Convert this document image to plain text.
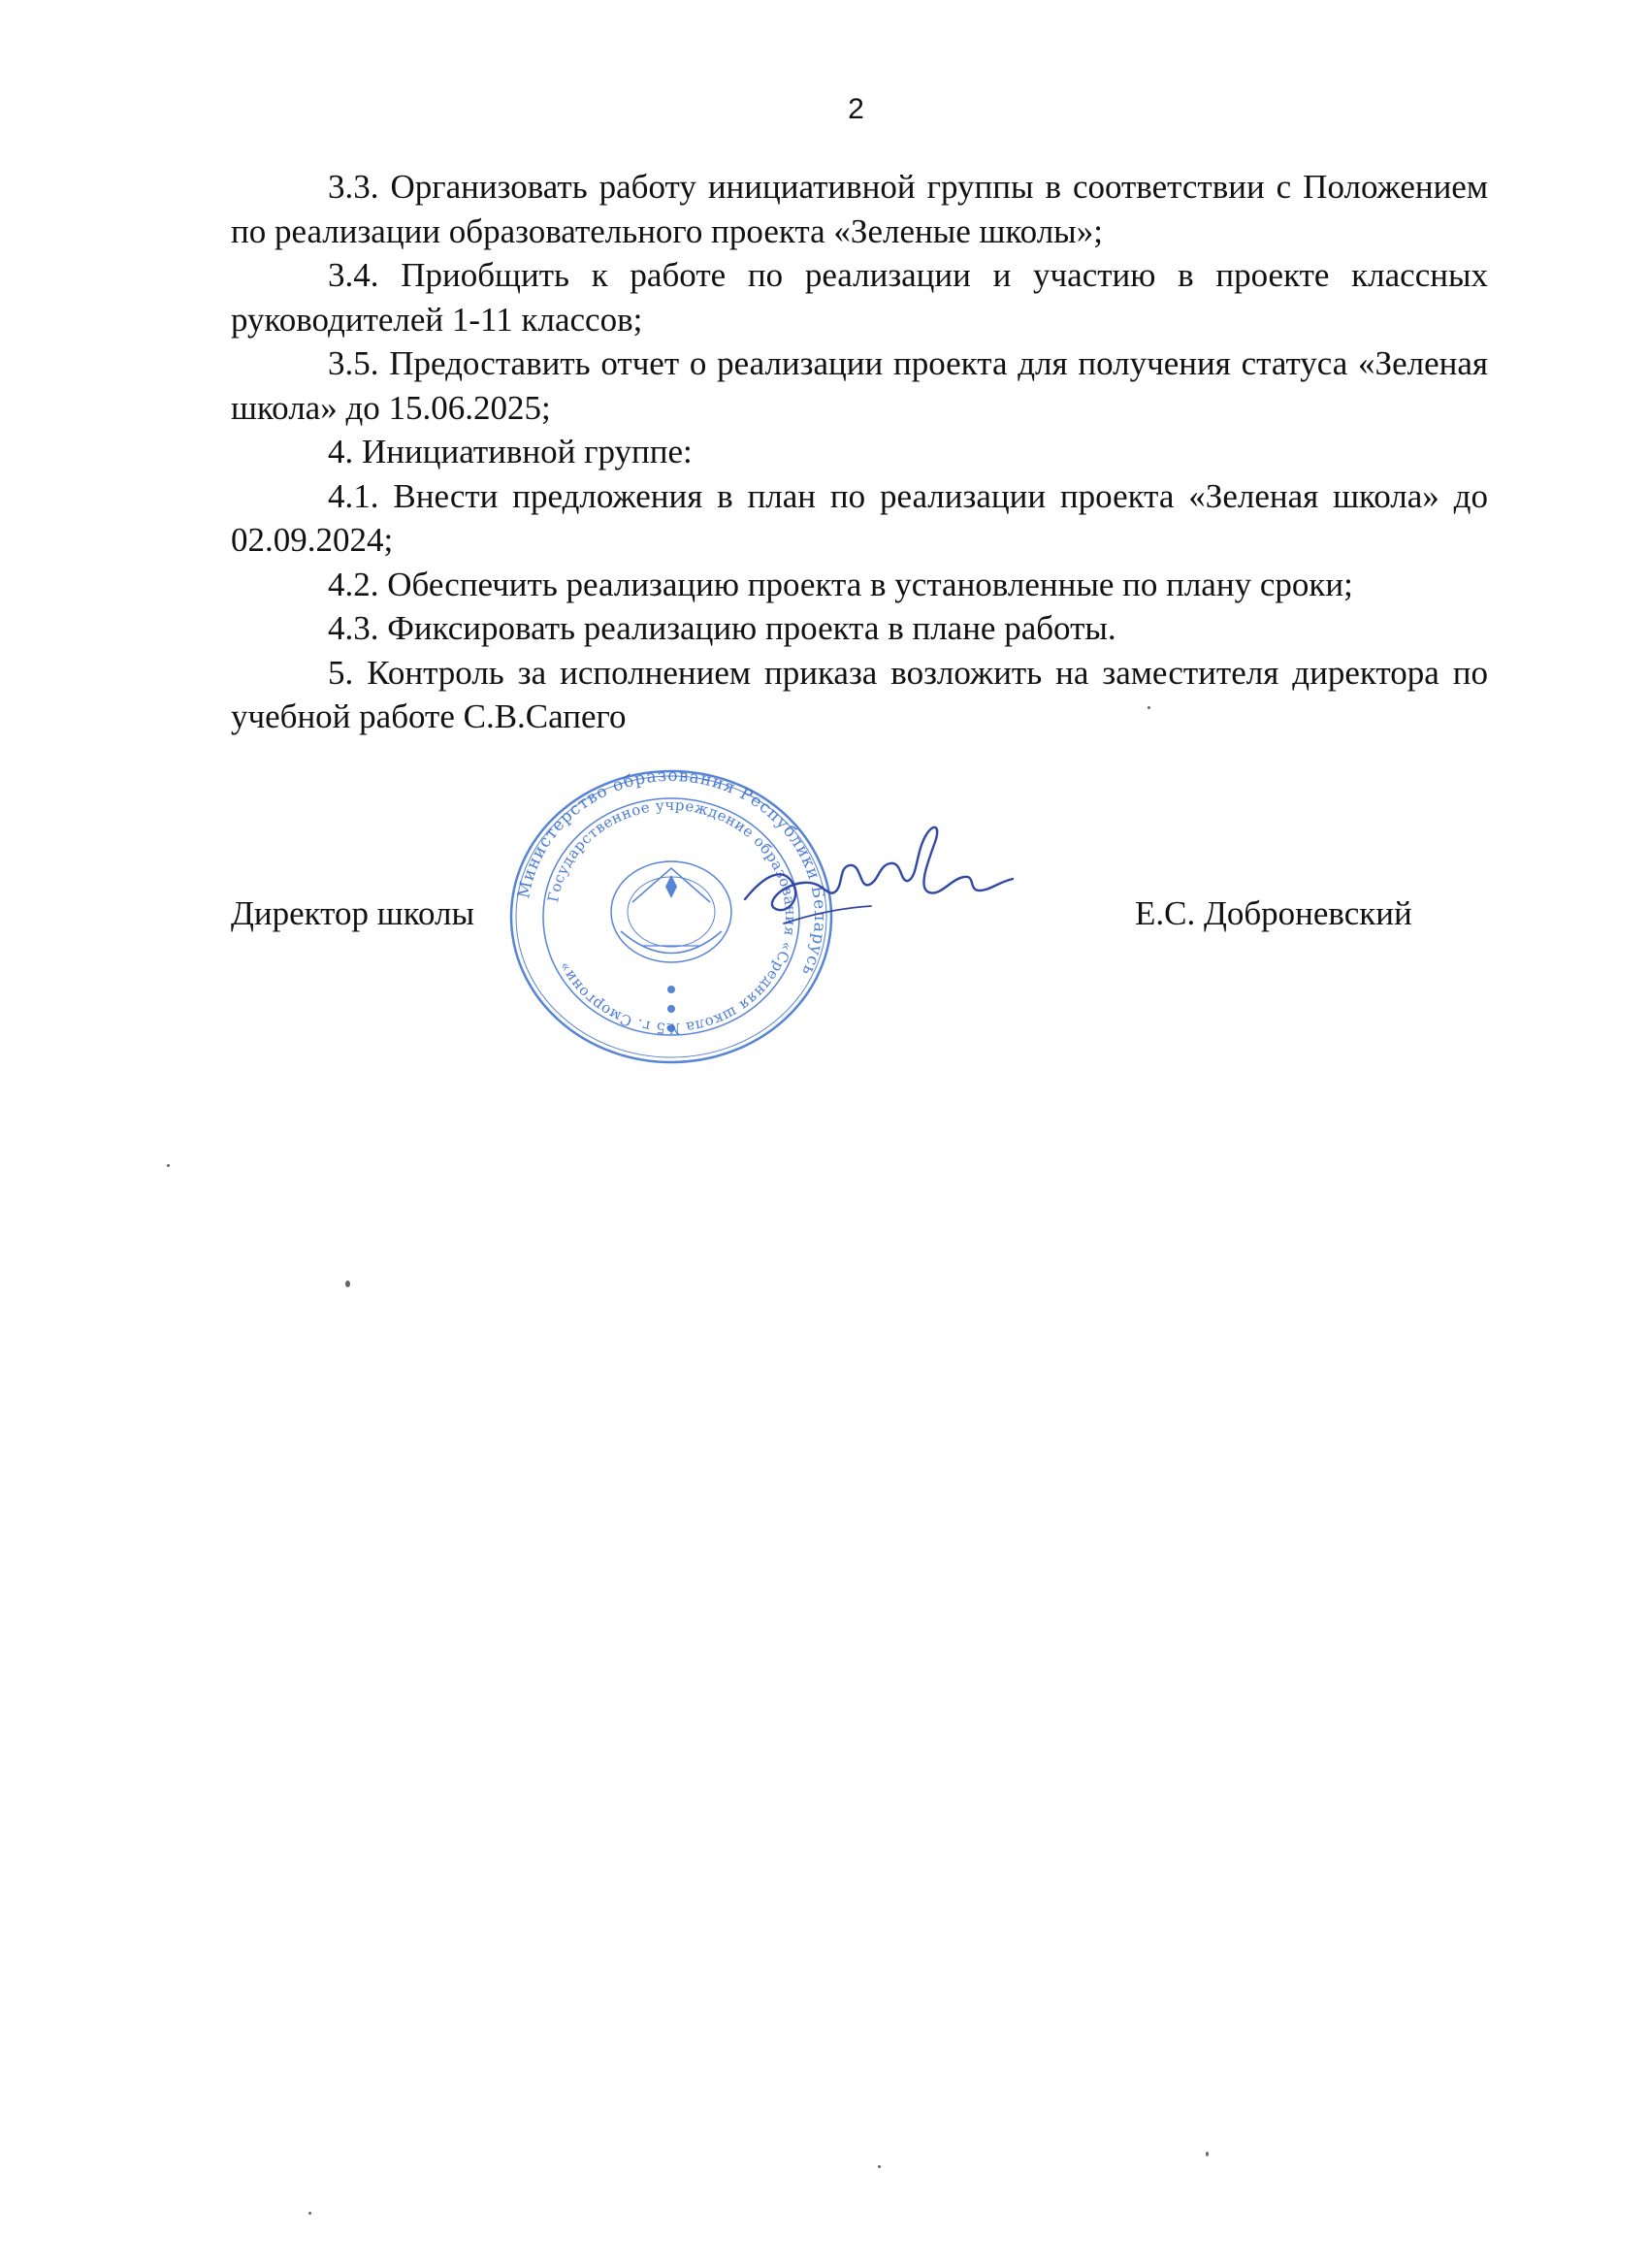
2

3.3. Организовать работу инициативной группы в соответствии с Положением по реализации образовательного проекта «Зеленые школы»;

3.4. Приобщить к работе по реализации и участию в проекте классных руководителей 1-11 классов;

3.5. Предоставить отчет о реализации проекта для получения статуса «Зеленая школа» до 15.06.2025;

4. Инициативной группе:

4.1. Внести предложения в план по реализации проекта «Зеленая школа» до 02.09.2024;

4.2. Обеспечить реализацию проекта в установленные по плану сроки;

4.3. Фиксировать реализацию проекта в плане работы.

5. Контроль за исполнением приказа возложить на заместителя директора по учебной работе С.В.Сапего

Директор школы	Е.С. Доброневский
Министерство образования Республики Беларусь
Государственное учреждение образования «Средняя школа №5 г. Сморгони»
